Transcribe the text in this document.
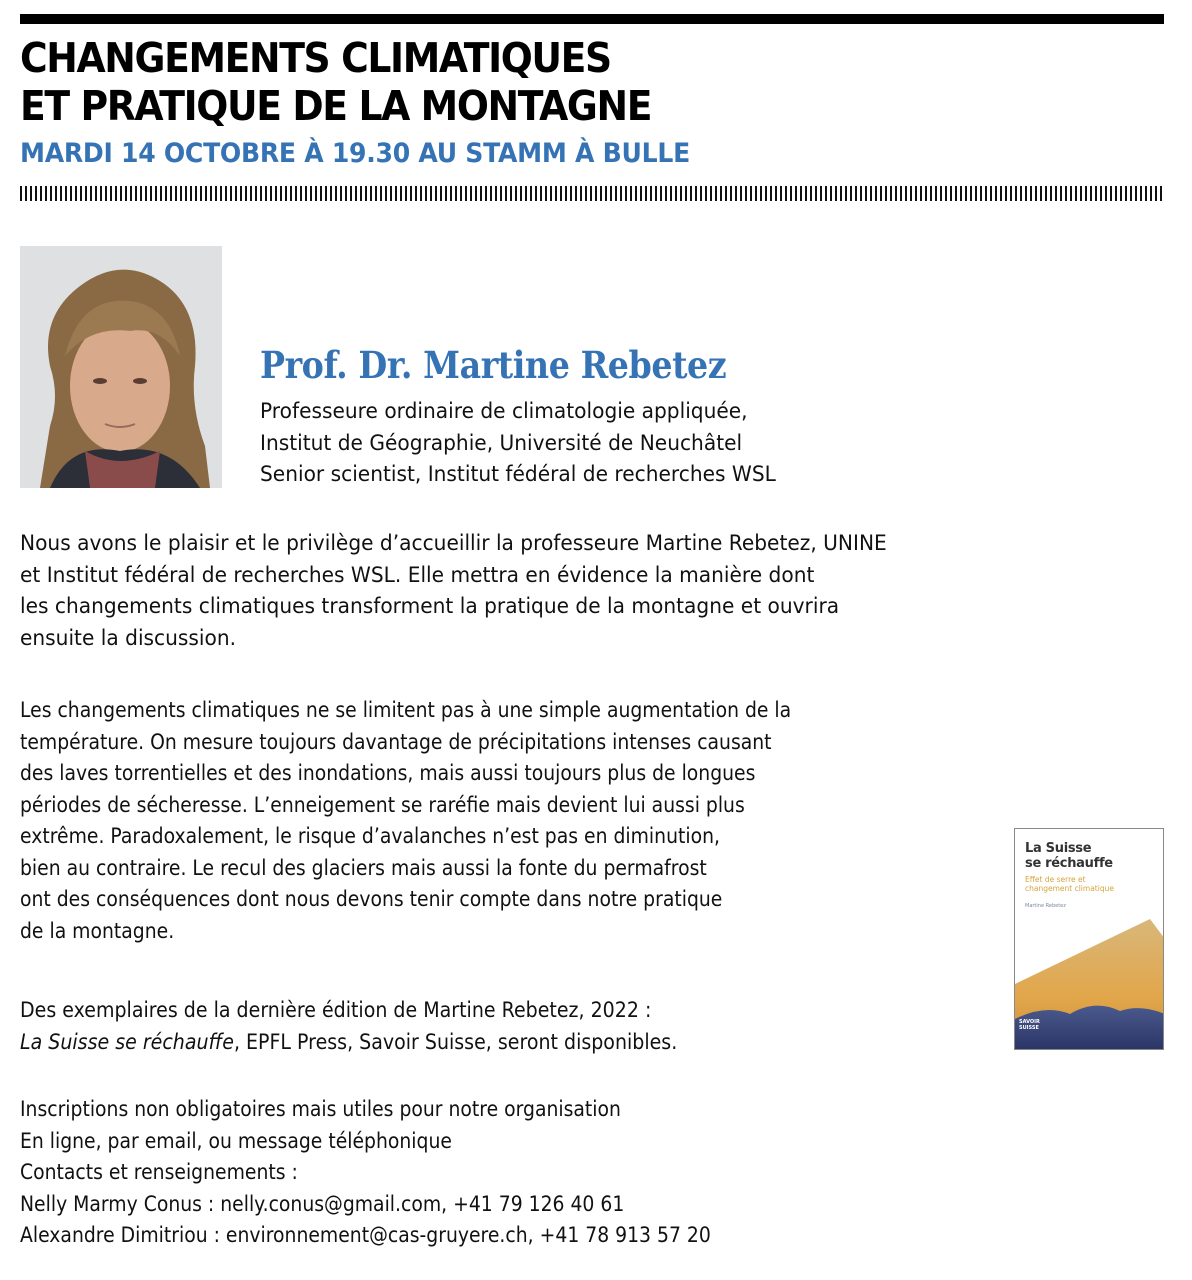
CHANGEMENTS CLIMATIQUES
ET PRATIQUE DE LA MONTAGNE
MARDI 14 OCTOBRE À 19.30 AU STAMM À BULLE
Prof. Dr. Martine Rebetez
Professeure ordinaire de climatologie appliquée,
Institut de Géographie, Université de Neuchâtel
Senior scientist, Institut fédéral de recherches WSL
Nous avons le plaisir et le privilège d’accueillir la professeure Martine Rebetez, UNINE
et Institut fédéral de recherches WSL. Elle mettra en évidence la manière dont
les changements climatiques transforment la pratique de la montagne et ouvrira
ensuite la discussion.
Les changements climatiques ne se limitent pas à une simple augmentation de la
température. On mesure toujours davantage de précipitations intenses causant
des laves torrentielles et des inondations, mais aussi toujours plus de longues
périodes de sécheresse. L’enneigement se raréfie mais devient lui aussi plus
extrême. Paradoxalement, le risque d’avalanches n’est pas en diminution,
bien au contraire. Le recul des glaciers mais aussi la fonte du permafrost
ont des conséquences dont nous devons tenir compte dans notre pratique
de la montagne.
La Suisse
se réchauffe
Effet de serre et
changement climatique
Martine Rebetez
SAVOIR
SUISSE
Des exemplaires de la dernière édition de Martine Rebetez, 2022 :
La Suisse se réchauffe, EPFL Press, Savoir Suisse, seront disponibles.
Inscriptions non obligatoires mais utiles pour notre organisation
En ligne, par email, ou message téléphonique
Contacts et renseignements :
Nelly Marmy Conus : nelly.conus@gmail.com, +41 79 126 40 61
Alexandre Dimitriou : environnement@cas-gruyere.ch, +41 78 913 57 20
